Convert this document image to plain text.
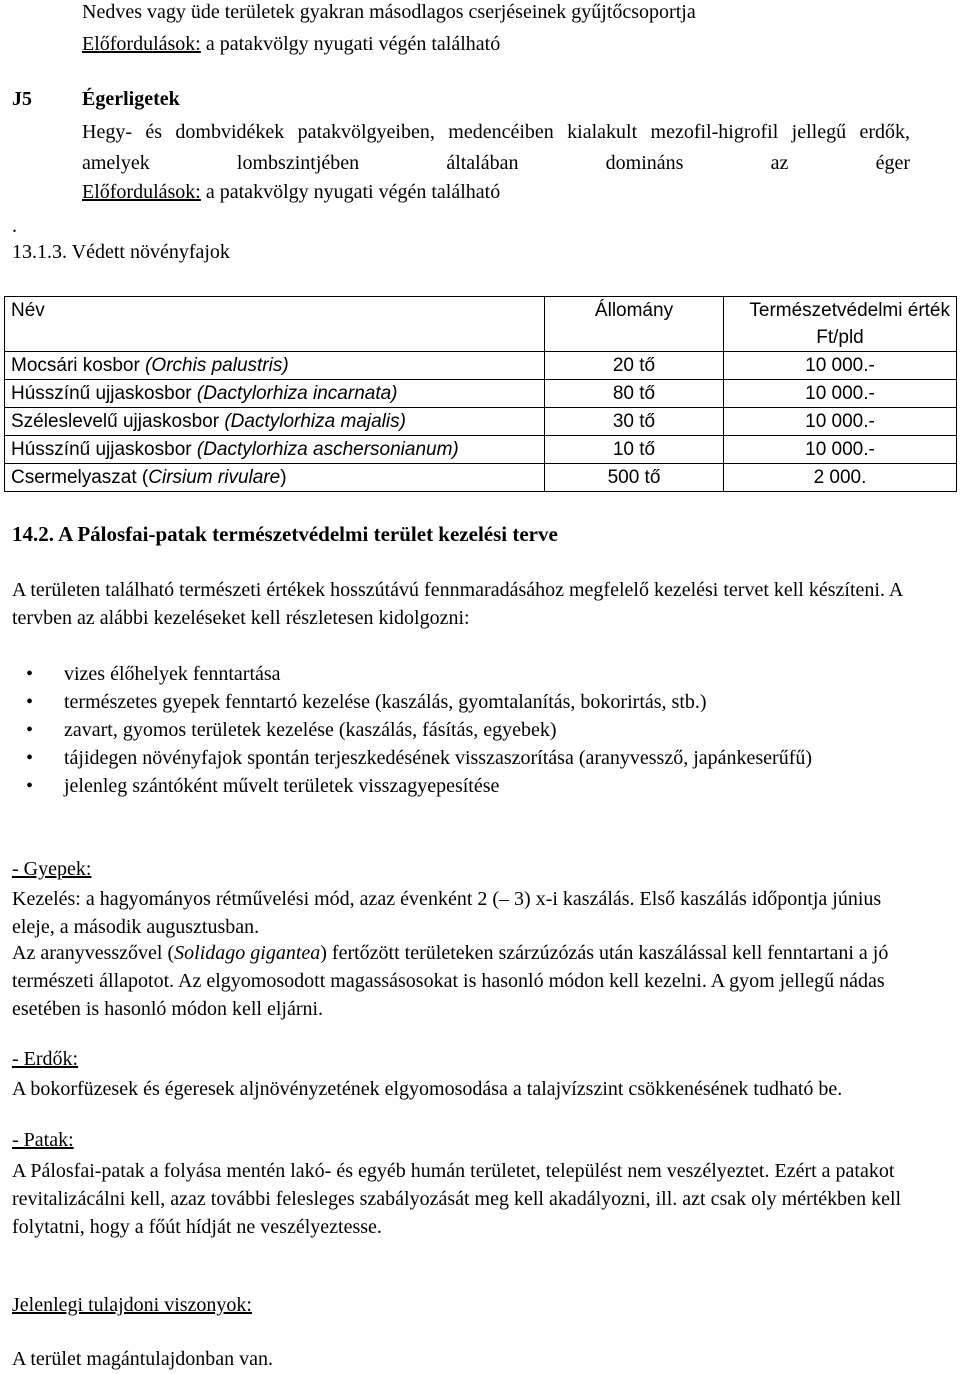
Nedves vagy üde területek gyakran másodlagos cserjéseinek gyűjtőcsoportja
Előfordulások: a patakvölgy nyugati végén található
J5	Égerligetek
Hegy- és dombvidékek patakvölgyeiben, medencéiben kialakult mezofil-higrofil jellegű erdők, amelyek lombszintjében általában domináns az éger
Előfordulások: a patakvölgy nyugati végén található
.
13.1.3. Védett növényfajok
Név	Állomány	Természetvédelmi érték
Ft/pld
Mocsári kosbor (Orchis palustris)	20 tő	10 000.-
Hússzínű ujjaskosbor (Dactylorhiza incarnata)	80 tő	10 000.-
Széleslevelű ujjaskosbor (Dactylorhiza majalis)	30 tő	10 000.-
Hússzínű ujjaskosbor (Dactylorhiza aschersonianum)	10 tő	10 000.-
Csermelyaszat (Cirsium rivulare)	500 tő	2 000.
14.2. A Pálosfai-patak természetvédelmi terület kezelési terve
A területen található természeti értékek hosszútávú fennmaradásához megfelelő kezelési tervet kell készíteni. A tervben az alábbi kezeléseket kell részletesen kidolgozni:
• vizes élőhelyek fenntartása
• természetes gyepek fenntartó kezelése (kaszálás, gyomtalanítás, bokorirtás, stb.)
• zavart, gyomos területek kezelése (kaszálás, fásítás, egyebek)
• tájidegen növényfajok spontán terjeszkedésének visszaszorítása (aranyvessző, japánkeserűfű)
• jelenleg szántóként művelt területek visszagyepesítése
- Gyepek:
Kezelés: a hagyományos rétművelési mód, azaz évenként 2 (– 3) x-i kaszálás. Első kaszálás időpontja június eleje, a második augusztusban.
Az aranyvesszővel (Solidago gigantea) fertőzött területeken szárzúzózás után kaszálással kell fenntartani a jó természeti állapotot. Az elgyomosodott magassásosokat is hasonló módon kell kezelni. A gyom jellegű nádas esetében is hasonló módon kell eljárni.
- Erdők:
A bokorfüzesek és égeresek aljnövényzetének elgyomosodása a talajvízszint csökkenésének tudható be.
- Patak:
A Pálosfai-patak a folyása mentén lakó- és egyéb humán területet, települést nem veszélyeztet. Ezért a patakot revitalizácálni kell, azaz további felesleges szabályozását meg kell akadályozni, ill. azt csak oly mértékben kell folytatni, hogy a főút hídját ne veszélyeztesse.
Jelenlegi tulajdoni viszonyok:
A terület magántulajdonban van.
